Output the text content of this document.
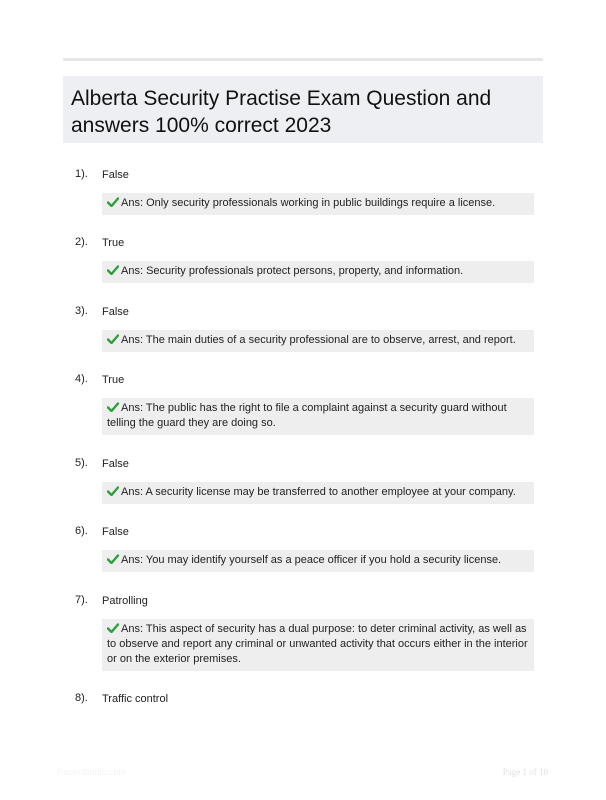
Alberta Security Practise Exam Question and answers 100% correct 2023
1). False
Ans: Only security professionals working in public buildings require a license.
2). True
Ans: Security professionals protect persons, property, and information.
3). False
Ans: The main duties of a security professional are to observe, arrest, and report.
4). True
Ans: The public has the right to file a complaint against a security guard without telling the guard they are doing so.
5). False
Ans: A security license may be transferred to another employee at your company.
6). False
Ans: You may identify yourself as a peace officer if you hold a security license.
7). Patrolling
Ans: This aspect of security has a dual purpose: to deter criminal activity, as well as to observe and report any criminal or unwanted activity that occurs either in the interior or on the exterior premises.
8). Traffic control
PaperStudio.com	Page 1 of 10
